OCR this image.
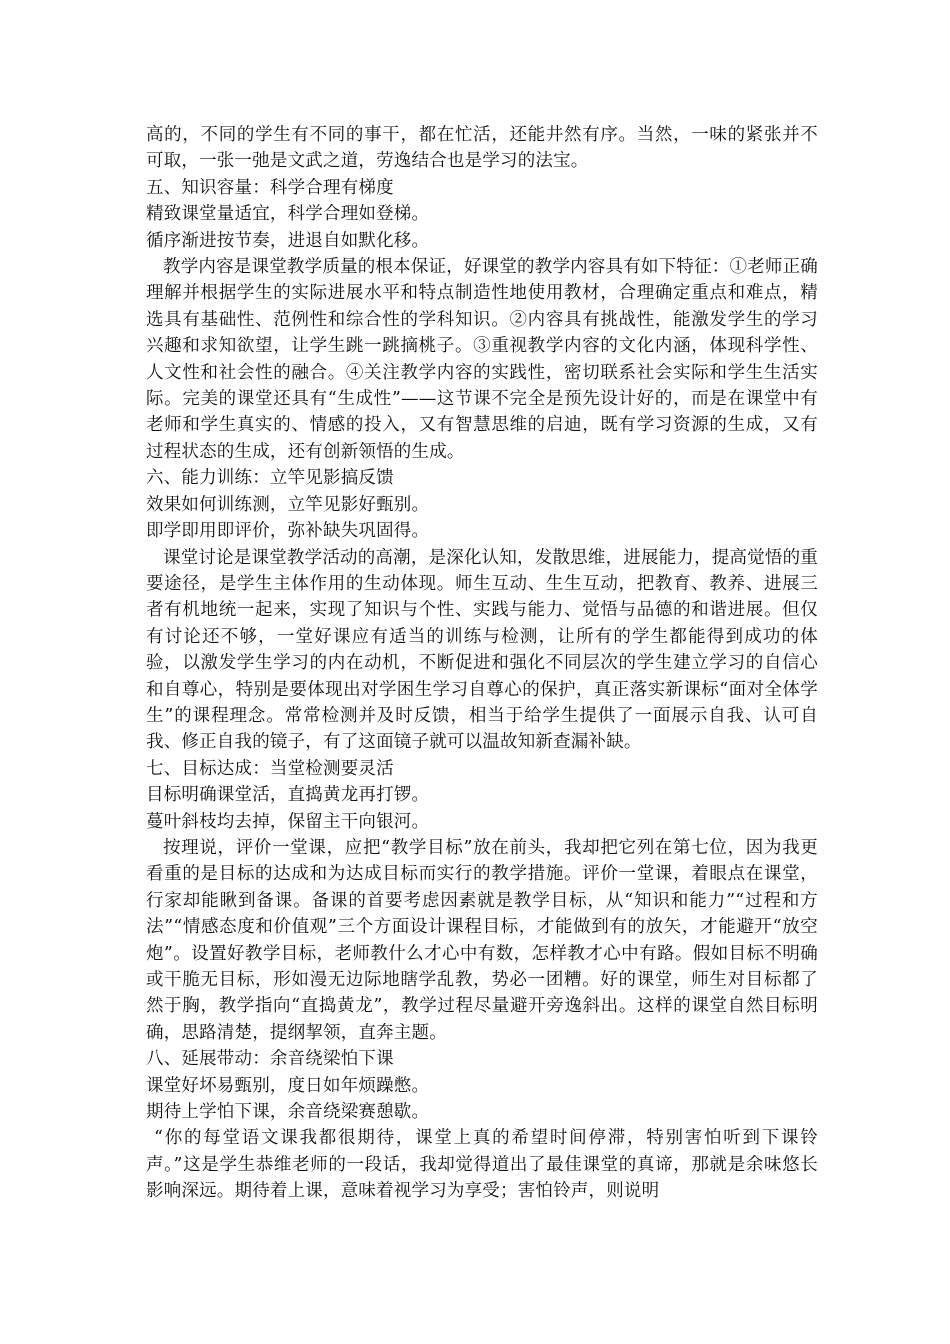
高的，不同的学生有不同的事干，都在忙活，还能井然有序。当然，一味的紧张并不可取，一张一弛是文武之道，劳逸结合也是学习的法宝。

五、知识容量：科学合理有梯度

精致课堂量适宜，科学合理如登梯。

循序渐进按节奏，进退自如默化移。

教学内容是课堂教学质量的根本保证，好课堂的教学内容具有如下特征：①老师正确理解并根据学生的实际进展水平和特点制造性地使用教材，合理确定重点和难点，精选具有基础性、范例性和综合性的学科知识。②内容具有挑战性，能激发学生的学习兴趣和求知欲望，让学生跳一跳摘桃子。③重视教学内容的文化内涵，体现科学性、人文性和社会性的融合。④关注教学内容的实践性，密切联系社会实际和学生生活实际。完美的课堂还具有“生成性”——这节课不完全是预先设计好的，而是在课堂中有老师和学生真实的、情感的投入，又有智慧思维的启迪，既有学习资源的生成，又有过程状态的生成，还有创新领悟的生成。

六、能力训练：立竿见影搞反馈

效果如何训练测，立竿见影好甄别。

即学即用即评价，弥补缺失巩固得。

课堂讨论是课堂教学活动的高潮，是深化认知，发散思维，进展能力，提高觉悟的重要途径，是学生主体作用的生动体现。师生互动、生生互动，把教育、教养、进展三者有机地统一起来，实现了知识与个性、实践与能力、觉悟与品德的和谐进展。但仅有讨论还不够，一堂好课应有适当的训练与检测，让所有的学生都能得到成功的体验，以激发学生学习的内在动机，不断促进和强化不同层次的学生建立学习的自信心和自尊心，特别是要体现出对学困生学习自尊心的保护，真正落实新课标“面对全体学生”的课程理念。常常检测并及时反馈，相当于给学生提供了一面展示自我、认可自我、修正自我的镜子，有了这面镜子就可以温故知新查漏补缺。

七、目标达成：当堂检测要灵活

目标明确课堂活，直捣黄龙再打锣。

蔓叶斜枝均去掉，保留主干向银河。

按理说，评价一堂课，应把“教学目标”放在前头，我却把它列在第七位，因为我更看重的是目标的达成和为达成目标而实行的教学措施。评价一堂课，着眼点在课堂，行家却能瞅到备课。备课的首要考虑因素就是教学目标，从“知识和能力”“过程和方法”“情感态度和价值观”三个方面设计课程目标，才能做到有的放矢，才能避开“放空炮”。设置好教学目标，老师教什么才心中有数，怎样教才心中有路。假如目标不明确或干脆无目标，形如漫无边际地瞎学乱教，势必一团糟。好的课堂，师生对目标都了然于胸，教学指向“直捣黄龙”，教学过程尽量避开旁逸斜出。这样的课堂自然目标明确，思路清楚，提纲挈领，直奔主题。

八、延展带动：余音绕梁怕下课

课堂好坏易甄别，度日如年烦躁憋。

期待上学怕下课，余音绕梁赛憩歇。

“你的每堂语文课我都很期待，课堂上真的希望时间停滞，特别害怕听到下课铃声。”这是学生恭维老师的一段话，我却觉得道出了最佳课堂的真谛，那就是余味悠长影响深远。期待着上课，意味着视学习为享受；害怕铃声，则说明
